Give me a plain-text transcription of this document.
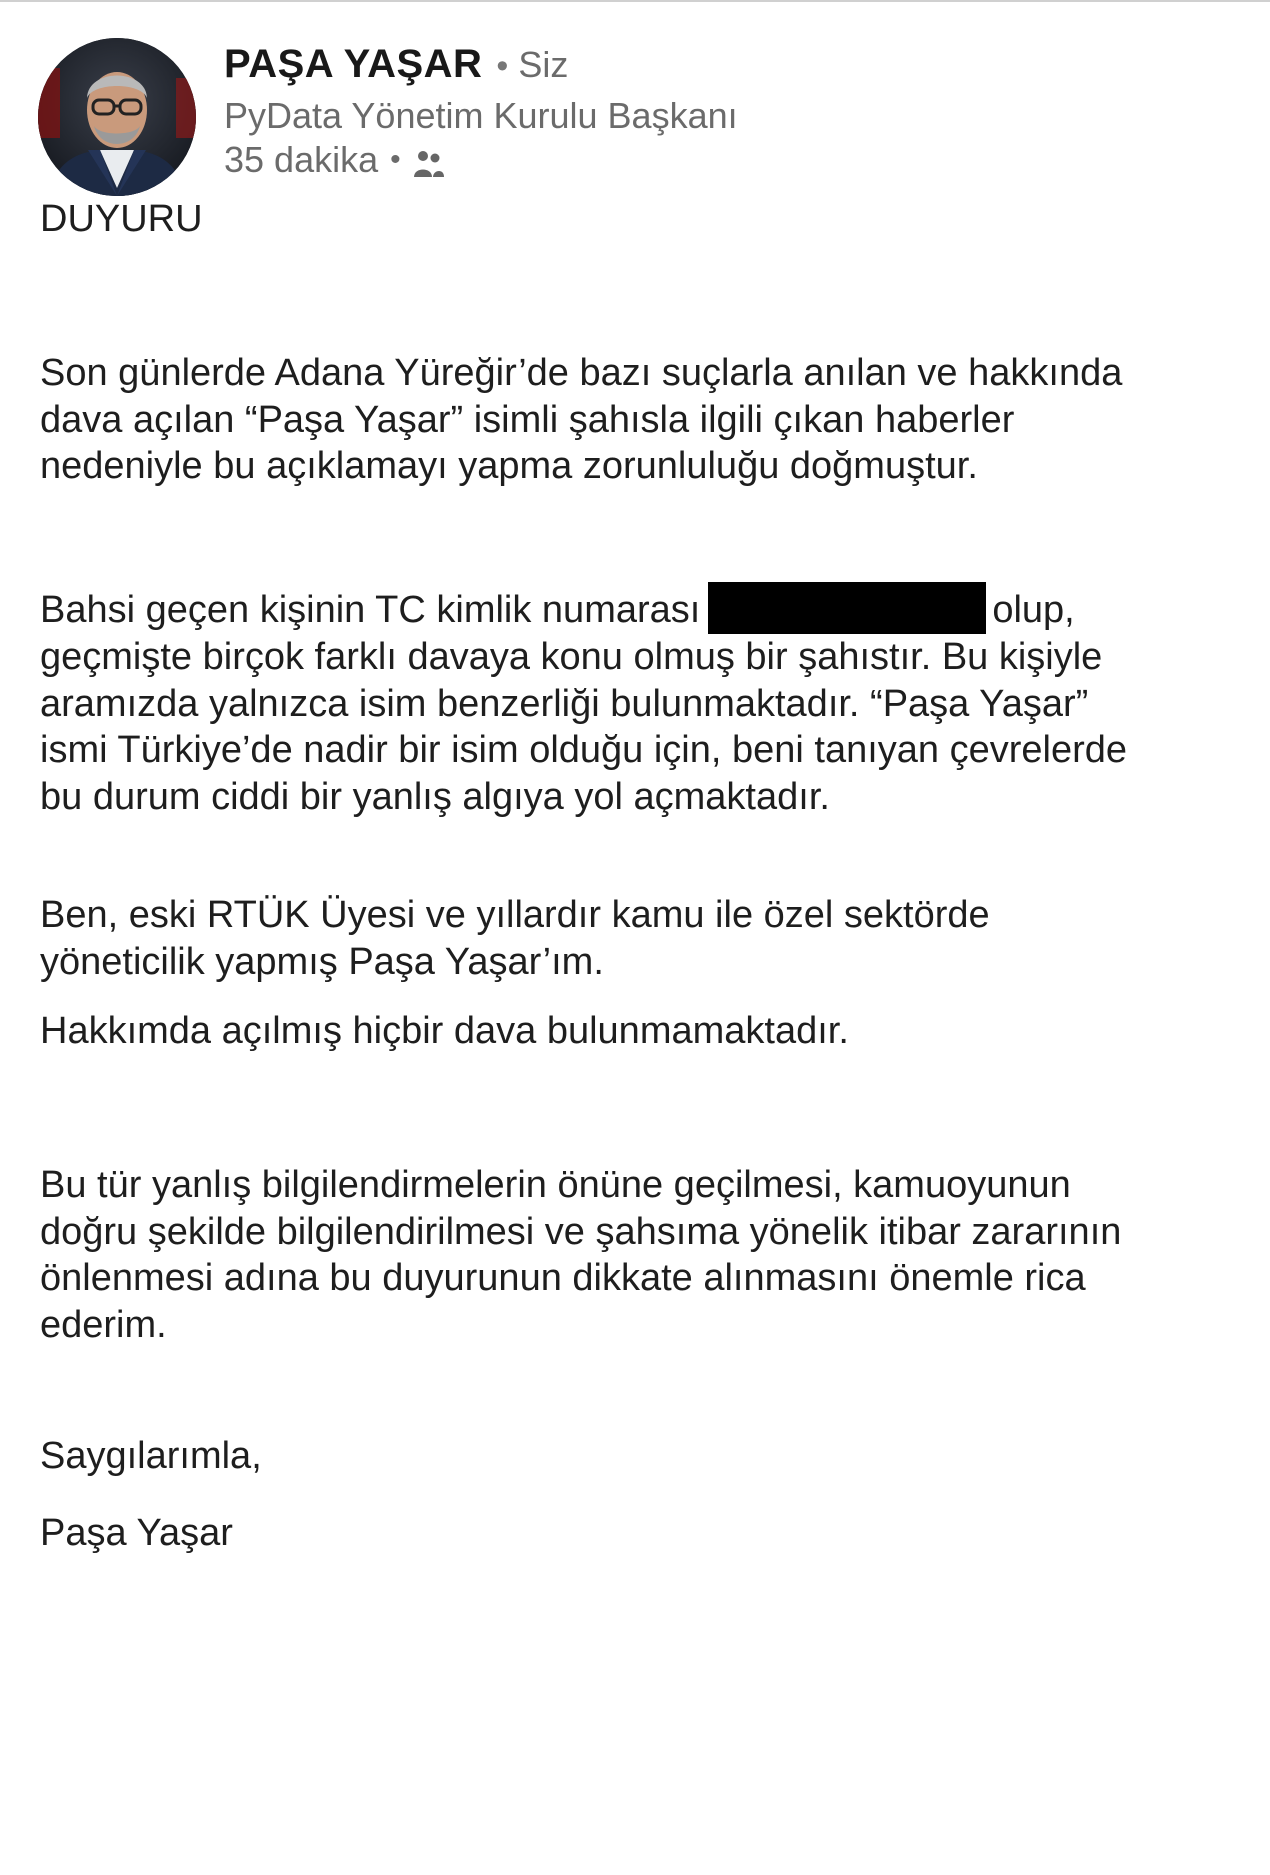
PAŞA YAŞAR • Siz
PyData Yönetim Kurulu Başkanı
35 dakika •
DUYURU
Son günlerde Adana Yüreğir’de bazı suçlarla anılan ve hakkında
dava açılan “Paşa Yaşar” isimli şahısla ilgili çıkan haberler
nedeniyle bu açıklamayı yapma zorunluluğu doğmuştur.
Bahsi geçen kişinin TC kimlik numarası	olup,
geçmişte birçok farklı davaya konu olmuş bir şahıstır. Bu kişiyle
aramızda yalnızca isim benzerliği bulunmaktadır. “Paşa Yaşar”
ismi Türkiye’de nadir bir isim olduğu için, beni tanıyan çevrelerde
bu durum ciddi bir yanlış algıya yol açmaktadır.
Ben, eski RTÜK Üyesi ve yıllardır kamu ile özel sektörde
yöneticilik yapmış Paşa Yaşar’ım.
Hakkımda açılmış hiçbir dava bulunmamaktadır.
Bu tür yanlış bilgilendirmelerin önüne geçilmesi, kamuoyunun
doğru şekilde bilgilendirilmesi ve şahsıma yönelik itibar zararının
önlenmesi adına bu duyurunun dikkate alınmasını önemle rica
ederim.
Saygılarımla,
Paşa Yaşar
